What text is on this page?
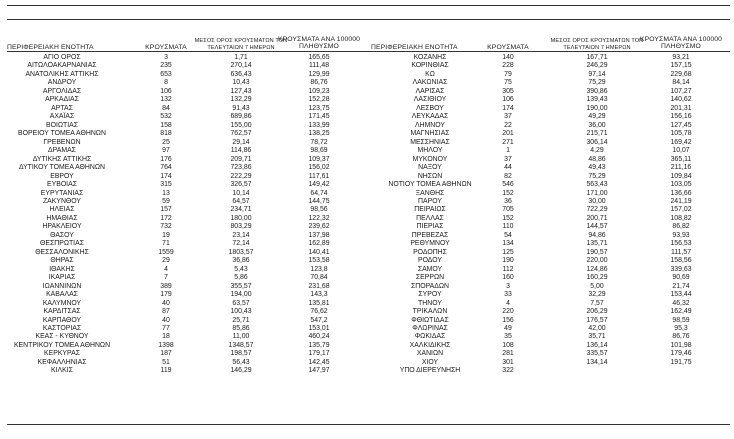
ΠΕΡΙΦΕΡΕΙΑΚΗ ΕΝΟΤΗΤΑ	ΚΡΟΥΣΜΑΤΑ
ΜΕΣΟΣ ΟΡΟΣ ΚΡΟΥΣΜΑΤΩΝ ΤΟΝ ΤΕΛΕΥΤΑΙΩΝ 7 ΗΜΕΡΩΝ
ΚΡΟΥΣΜΑΤΑ ΑΝΑ 100000 ΠΛΗΘΥΣΜΟ
ΑΓΙΟ ΟΡΟΣ	3	1,71	165,65
ΑΙΤΩΛΟΑΚΑΡΝΑΝΙΑΣ	235	270,14	111,48
ΑΝΑΤΟΛΙΚΗΣ ΑΤΤΙΚΗΣ	653	636,43	129,99
ΑΝΔΡΟΥ	8	10,43	86,76
ΑΡΓΟΛΙΔΑΣ	106	127,43	109,23
ΑΡΚΑΔΙΑΣ	132	132,29	152,28
ΑΡΤΑΣ	84	91,43	123,75
ΑΧΑΪΑΣ	532	689,86	171,45
ΒΟΙΩΤΙΑΣ	158	155,00	133,99
ΒΟΡΕΙΟΥ ΤΟΜΕΑ ΑΘΗΝΩΝ	818	762,57	138,25
ΓΡΕΒΕΝΩΝ	25	29,14	78,72
ΔΡΑΜΑΣ	97	114,86	98,69
ΔΥΤΙΚΗΣ ΑΤΤΙΚΗΣ	176	209,71	109,37
ΔΥΤΙΚΟΥ ΤΟΜΕΑ ΑΘΗΝΩΝ	764	723,86	156,02
ΕΒΡΟΥ	174	222,29	117,61
ΕΥΒΟΙΑΣ	315	326,57	149,42
ΕΥΡΥΤΑΝΙΑΣ	13	10,14	64,74
ΖΑΚΥΝΘΟΥ	59	64,57	144,75
ΗΛΕΙΑΣ	157	234,71	98,56
ΗΜΑΘΙΑΣ	172	180,00	122,32
ΗΡΑΚΛΕΙΟΥ	732	803,29	239,62
ΘΑΣΟΥ	19	23,14	137,98
ΘΕΣΠΡΩΤΙΑΣ	71	72,14	162,89
ΘΕΣΣΑΛΟΝΙΚΗΣ	1559	1803,57	140,41
ΘΗΡΑΣ	29	36,86	153,58
ΙΘΑΚΗΣ	4	5,43	123,8
ΙΚΑΡΙΑΣ	7	5,86	70,84
ΙΩΑΝΝΙΝΩΝ	389	355,57	231,68
ΚΑΒΑΛΑΣ	179	194,00	143,3
ΚΑΛΥΜΝΟΥ	40	63,57	135,81
ΚΑΡΔΙΤΣΑΣ	87	100,43	76,62
ΚΑΡΠΑΘΟΥ	40	25,71	547,2
ΚΑΣΤΟΡΙΑΣ	77	85,86	153,01
ΚΕΑΣ - ΚΥΘΝΟΥ	18	11,00	460,24
ΚΕΝΤΡΙΚΟΥ ΤΟΜΕΑ ΑΘΗΝΩΝ	1398	1348,57	135,79
ΚΕΡΚΥΡΑΣ	187	198,57	179,17
ΚΕΦΑΛΛΗΝΙΑΣ	51	56,43	142,45
ΚΙΛΚΙΣ	119	146,29	147,97
ΠΕΡΙΦΕΡΕΙΑΚΗ ΕΝΟΤΗΤΑ	ΚΡΟΥΣΜΑΤΑ
ΜΕΣΟΣ ΟΡΟΣ ΚΡΟΥΣΜΑΤΩΝ ΤΟΝ ΤΕΛΕΥΤΑΙΩΝ 7 ΗΜΕΡΩΝ
ΚΡΟΥΣΜΑΤΑ ΑΝΑ 100000 ΠΛΗΘΥΣΜΟ
ΚΟΖΑΝΗΣ	140	167,71	93,21
ΚΟΡΙΝΘΙΑΣ	228	246,29	157,15
ΚΩ	79	97,14	229,68
ΛΑΚΩΝΙΑΣ	75	75,29	84,14
ΛΑΡΙΣΑΣ	305	390,86	107,27
ΛΑΣΙΘΙΟΥ	106	139,43	140,62
ΛΕΣΒΟΥ	174	190,00	201,31
ΛΕΥΚΑΔΑΣ	37	49,29	156,16
ΛΗΜΝΟΥ	22	36,00	127,45
ΜΑΓΝΗΣΙΑΣ	201	215,71	105,78
ΜΕΣΣΗΝΙΑΣ	271	306,14	169,42
ΜΗΛΟΥ	1	4,29	10,07
ΜΥΚΟΝΟΥ	37	48,86	365,11
ΝΑΞΟΥ	44	49,43	211,16
ΝΗΣΩΝ	82	75,29	109,84
ΝΟΤΙΟΥ ΤΟΜΕΑ ΑΘΗΝΩΝ	546	563,43	103,05
ΞΑΝΘΗΣ	152	171,00	136,66
ΠΑΡΟΥ	36	30,00	241,19
ΠΕΙΡΑΙΩΣ	705	722,29	157,02
ΠΕΛΛΑΣ	152	200,71	108,82
ΠΙΕΡΙΑΣ	110	144,57	86,82
ΠΡΕΒΕΖΑΣ	54	94,86	93,93
ΡΕΘΥΜΝΟΥ	134	135,71	156,53
ΡΟΔΟΠΗΣ	125	190,57	111,57
ΡΟΔΟΥ	190	220,00	158,56
ΣΑΜΟΥ	112	124,86	339,63
ΣΕΡΡΩΝ	160	160,29	90,69
ΣΠΟΡΑΔΩΝ	3	5,00	21,74
ΣΥΡΟΥ	33	32,29	153,44
ΤΗΝΟΥ	4	7,57	46,32
ΤΡΙΚΑΛΩΝ	220	206,29	162,49
ΦΘΙΩΤΙΔΑΣ	156	176,57	98,59
ΦΛΩΡΙΝΑΣ	49	42,00	95,3
ΦΩΚΙΔΑΣ	35	35,71	86,76
ΧΑΛΚΙΔΙΚΗΣ	108	136,14	101,98
ΧΑΝΙΩΝ	281	335,57	179,46
ΧΙΟΥ	301	134,14	191,75
ΥΠΟ ΔΙΕΡΕΥΝΗΣΗ	322
